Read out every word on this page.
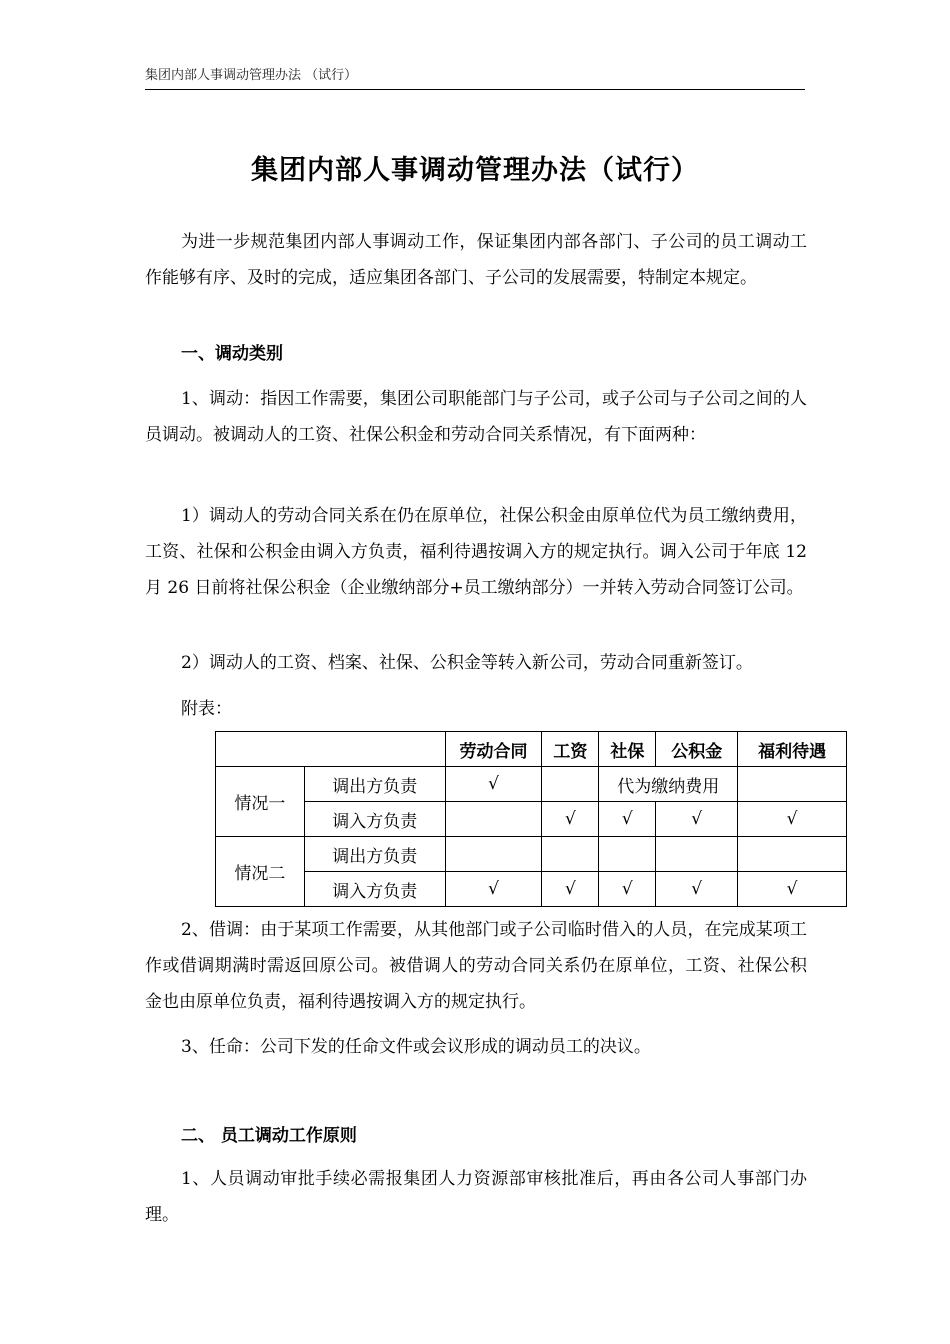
集团内部人事调动管理办法 （试行）
集团内部人事调动管理办法（试行）

为进一步规范集团内部人事调动工作，保证集团内部各部门、子公司的员工调动工作能够有序、及时的完成，适应集团各部门、子公司的发展需要，特制定本规定。

一、调动类别

1、调动：指因工作需要，集团公司职能部门与子公司，或子公司与子公司之间的人员调动。被调动人的工资、社保公积金和劳动合同关系情况，有下面两种：

1）调动人的劳动合同关系在仍在原单位，社保公积金由原单位代为员工缴纳费用，工资、社保和公积金由调入方负责，福利待遇按调入方的规定执行。调入公司于年底 12 月 26 日前将社保公积金（企业缴纳部分+员工缴纳部分）一并转入劳动合同签订公司。

2）调动人的工资、档案、社保、公积金等转入新公司，劳动合同重新签订。

附表：

		劳动合同	工资	社保	公积金	福利待遇
情况一	调出方负责	√		代为缴纳费用		
	调入方负责		√	√	√	√
情况二	调出方负责					
	调入方负责	√	√	√	√	√

2、借调：由于某项工作需要，从其他部门或子公司临时借入的人员，在完成某项工作或借调期满时需返回原公司。被借调人的劳动合同关系仍在原单位，工资、社保公积金也由原单位负责，福利待遇按调入方的规定执行。

3、任命：公司下发的任命文件或会议形成的调动员工的决议。

二、 员工调动工作原则

1、人员调动审批手续必需报集团人力资源部审核批准后，再由各公司人事部门办理。
